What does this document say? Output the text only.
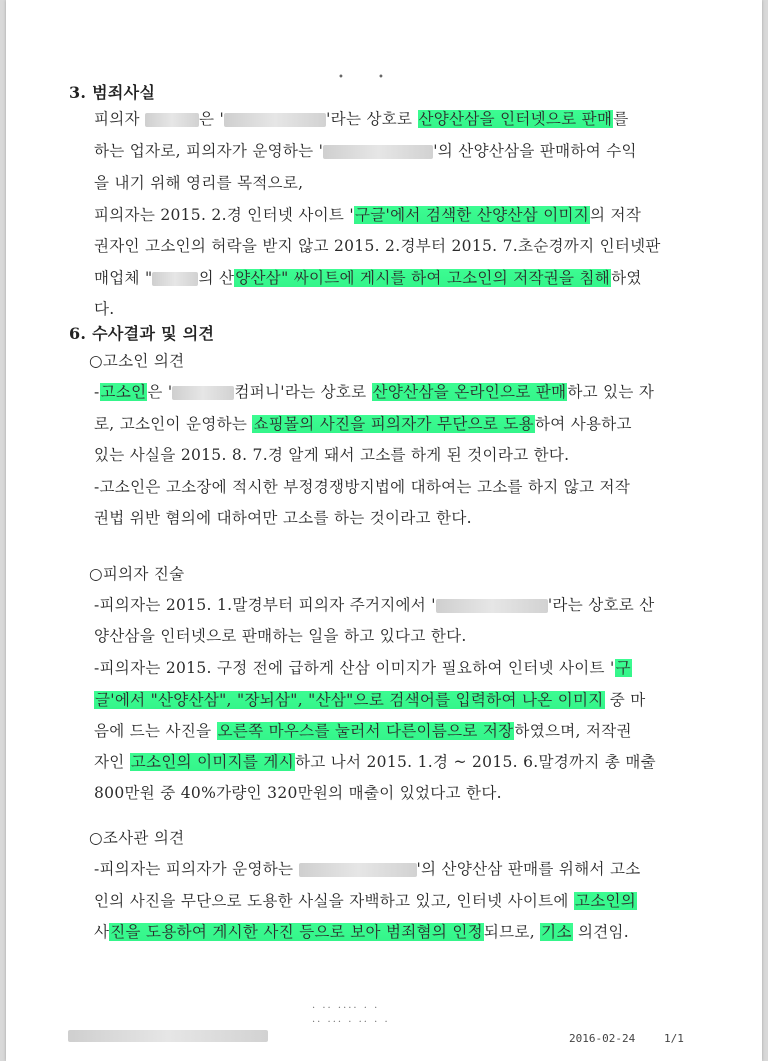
•	•
3. 범죄사실
피의자	은 '	'라는 상호로 산양산삼을 인터넷으로 판매를
하는 업자로, 피의자가 운영하는 '	'의 산양산삼을 판매하여 수익
을 내기 위해 영리를 목적으로,
피의자는 2015. 2.경 인터넷 사이트 '구글'에서 검색한 산양산삼 이미지의 저작
권자인 고소인의 허락을 받지 않고 2015. 2.경부터 2015. 7.초순경까지 인터넷판
매업체 "	의 산양산삼" 싸이트에 게시를 하여 고소인의 저작권을 침해하였
다.
6. 수사결과 및 의견
○고소인 의견
-고소인은 '	컴퍼니'라는 상호로 산양산삼을 온라인으로 판매하고 있는 자
로, 고소인이 운영하는 쇼핑몰의 사진을 피의자가 무단으로 도용하여 사용하고
있는 사실을 2015. 8. 7.경 알게 돼서 고소를 하게 된 것이라고 한다.
-고소인은 고소장에 적시한 부정경쟁방지법에 대하여는 고소를 하지 않고 저작
권법 위반 혐의에 대하여만 고소를 하는 것이라고 한다.
○피의자 진술
-피의자는 2015. 1.말경부터 피의자 주거지에서 '	'라는 상호로 산
양산삼을 인터넷으로 판매하는 일을 하고 있다고 한다.
-피의자는 2015. 구정 전에 급하게 산삼 이미지가 필요하여 인터넷 사이트 '구
글'에서 "산양산삼", "장뇌삼", "산삼"으로 검색어를 입력하여 나온 이미지 중 마
음에 드는 사진을 오른쪽 마우스를 눌러서 다른이름으로 저장하였으며, 저작권
자인 고소인의 이미지를 게시하고 나서 2015. 1.경 ~ 2015. 6.말경까지 총 매출
800만원 중 40%가량인 320만원의 매출이 있었다고 한다.
○조사관 의견
-피의자는 피의자가 운영하는	'의 산양산삼 판매를 위해서 고소
인의 사진을 무단으로 도용한 사실을 자백하고 있고, 인터넷 사이트에 고소인의
사진을 도용하여 게시한 사진 등으로 보아 범죄혐의 인정되므로, 기소 의견임.
· ·· ···· · ·
·· ··· · ·· · ·
2016-02-24	1/1
